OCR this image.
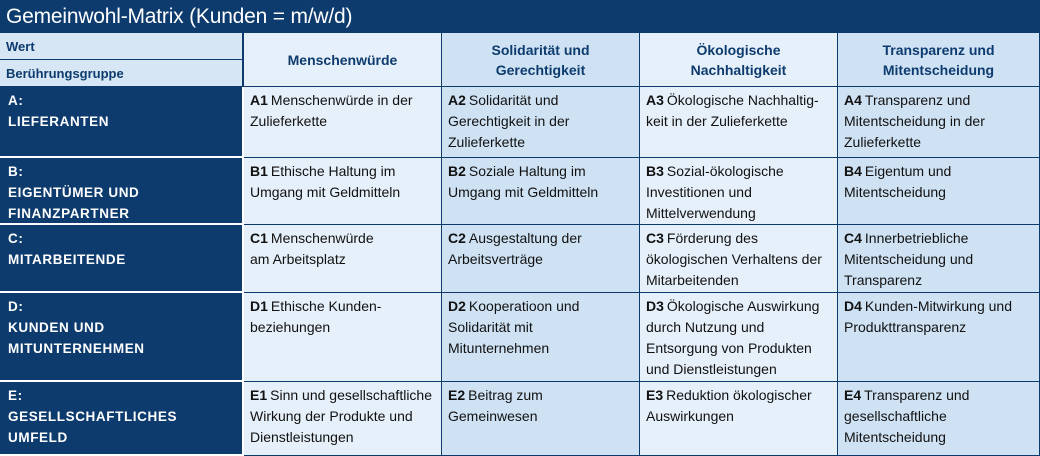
Gemeinwohl-Matrix (Kunden = m/w/d)
Wert
Berührungsgruppe
Menschenwürde
Solidarität und
Gerechtigkeit
Ökologische
Nachhaltigkeit
Transparenz und
Mitentscheidung
A:
LIEFERANTEN
A1 Menschenwürde in der
Zulieferkette
A2 Solidarität und
Gerechtigkeit in der
Zulieferkette
A3 Ökologische Nachhaltig-
keit in der Zulieferkette
A4 Transparenz und
Mitentscheidung in der
Zulieferkette
B:
EIGENTÜMER UND
FINANZPARTNER
B1 Ethische Haltung im
Umgang mit Geldmitteln
B2 Soziale Haltung im
Umgang mit Geldmitteln
B3 Sozial-ökologische
Investitionen und
Mittelverwendung
B4 Eigentum und
Mitentscheidung
C:
MITARBEITENDE
C1 Menschenwürde
am Arbeitsplatz
C2 Ausgestaltung der
Arbeitsverträge
C3 Förderung des
ökologischen Verhaltens der
Mitarbeitenden
C4 Innerbetriebliche
Mitentscheidung und
Transparenz
D:
KUNDEN UND
MITUNTERNEHMEN
D1 Ethische Kunden-
beziehungen
D2 Kooperatioon und
Solidarität mit
Mitunternehmen
D3 Ökologische Auswirkung
durch Nutzung und
Entsorgung von Produkten
und Dienstleistungen
D4 Kunden-Mitwirkung und
Produkttransparenz
E:
GESELLSCHAFTLICHES
UMFELD
E1 Sinn und gesellschaftliche
Wirkung der Produkte und
Dienstleistungen
E2 Beitrag zum
Gemeinwesen
E3 Reduktion ökologischer
Auswirkungen
E4 Transparenz und
gesellschaftliche
Mitentscheidung
